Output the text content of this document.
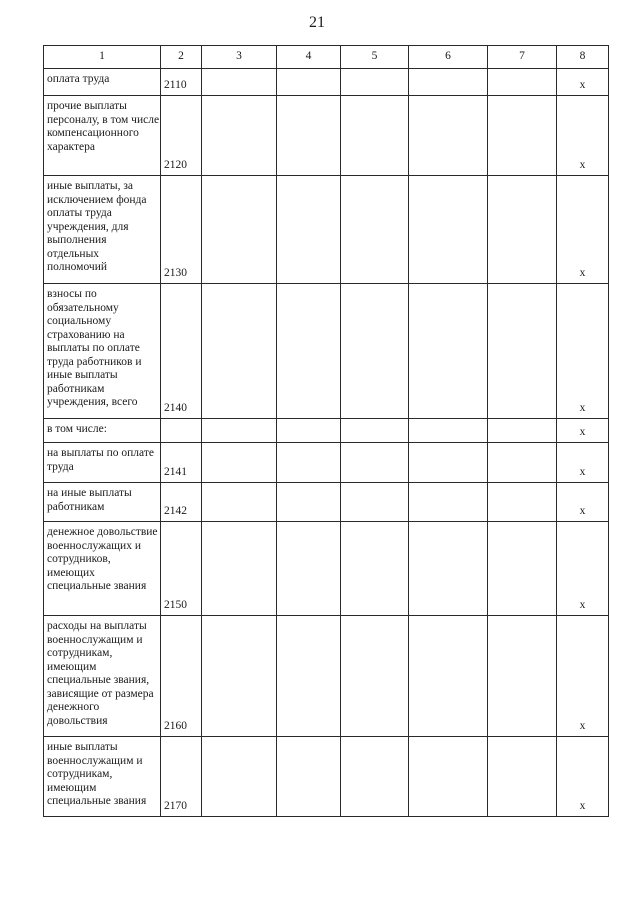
21
1	2	3	4	5	6	7	8
оплата труда	2110						x
прочие выплаты персоналу, в том числе компенсационного характера	2120						x
иные выплаты, за исключением фонда оплаты труда учреждения, для выполнения отдельных полномочий	2130						x
взносы по обязательному социальному страхованию на выплаты по оплате труда работников и иные выплаты работникам учреждения, всего	2140						x
в том числе:							x
на выплаты по оплате труда	2141						x
на иные выплаты работникам	2142						x
денежное довольствие военнослужащих и сотрудников, имеющих специальные звания	2150						x
расходы на выплаты военнослужащим и сотрудникам, имеющим специальные звания, зависящие от размера денежного довольствия	2160						x
иные выплаты военнослужащим и сотрудникам, имеющим специальные звания	2170						x
